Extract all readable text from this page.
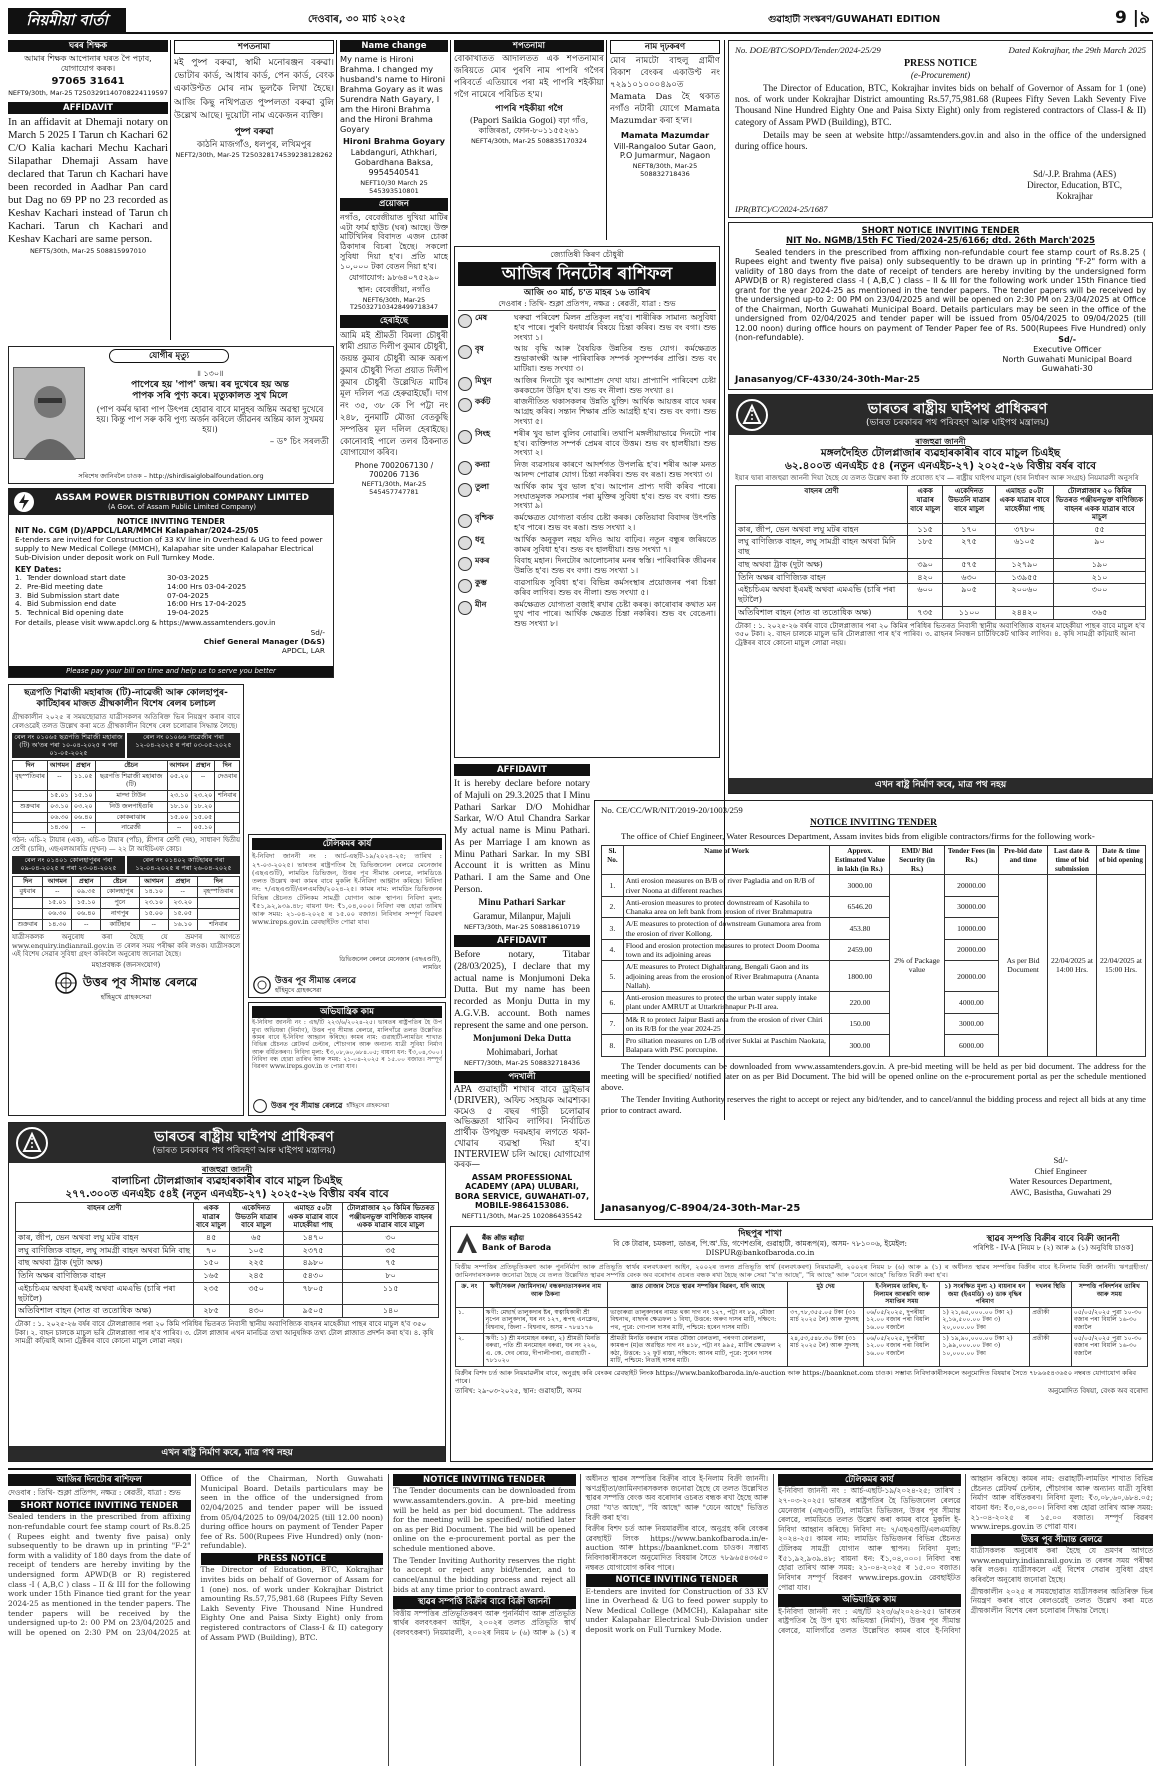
নিয়মীয়া বাৰ্তা	দেওবাৰ, ৩০ মাৰ্চ ২০২৫	গুৱাহাটী সংস্কৰণ/GUWAHATI EDITION	9 |৯
ঘৰৰ শিক্ষক

আমাৰ শিক্ষক আপোনাৰ ঘৰত পৈ পঢ়াব, যোগাযোগ কৰক।

97065 31641

NEFT9/30th, Mar-25 T250329t140708224119597

AFFIDAVIT

In an affidavit at Dhemaji notary on March 5 2025 I Tarun ch Kachari 62 C/O Kalia kachari Mechu Kachari Silapathar Dhemaji Assam have declared that Tarun ch Kachari have been recorded in Aadhar Pan card but Dag no 69 PP no 23 recorded as Keshav Kachari instead of Tarun ch Kachari. Tarun ch Kachari and Keshav Kachari are same person.

NEFT5/30th, Mar-25 508815997010

শপতনামা

মই পুষ্প বৰুৱা, স্বামী মনোৰঞ্জন বৰুৱা। ভোটাৰ কাৰ্ড, আধাৰ কাৰ্ড, পেন কাৰ্ড, বেংক একাউণ্টত মোৰ নাম ভুলকৈ লিখা হৈছে। আজি কিছু নথিপত্ৰত পুষ্পলতা বৰুৱা বুলি উল্লেখ আছে। দুয়োটা নাম একেজন ব্যক্তি।

পুষ্প বৰুৱা

কাঠনি মাজগাঁও, ধলপুৰ, লখিমপুৰ

NEFT2/30th, Mar-25 T250328174539238128262

Name change

My name is Hironi Brahma. I changed my husband's name to Hironi Brahma Goyary as it was Surendra Nath Gayary, I am the Hironi Brahma and the Hironi Brahma Goyary

Hironi Brahma Goyary

Labdanguri, Athkhari, Gobardhana Baksa, 9954540541

NEFT10/30 March 25 545393510801

প্ৰয়োজন

নগাঁও, বেবেজীয়াত দুখিয়া মাটিৰ এটা ফাৰ্ম হাউচ (ঘৰ) আছে। উক্ত মাটিখিনিৰ বিবাদত এজন চোকা ঠিকাদাৰ বিচৰা হৈছে। সকলো সুবিধা দিয়া হ'ব। প্ৰতি মাহে ১০,০০০ টকা বেতন দিয়া হ'ব।

যোগাযোগ: ৯৮৬৪০৭৫২৯০

স্থান: বেবেজীয়া, নগাঁও

NEFT6/30th, Mar-25 T250327103428499718347

হেৰাইছে

আমি মই শ্ৰীমতী বিমলা চৌধুৰী স্বামী প্ৰয়াত দিলীপ কুমাৰ চৌধুৰী, জয়ন্ত কুমাৰ চৌধুৰী আৰু অৰূপ কুমাৰ চৌধুৰী পিতা প্ৰয়াত দিলীপ কুমাৰ চৌধুৰী উল্লেখিত মাটিৰ মূল দলিল পত্ৰ হেৰুৱাইছোঁ। দাগ নং ৩৫, ৩৮ কে পি পট্টা নং ২৪৮, নুনমাটি মৌজা বেতকুছি সম্পত্তিৰ মূল দলিল হেৰাইছে। কোনোবাই পালে তলৰ ঠিকনাত যোগাযোগ কৰিব।

Phone 7002067130 / 700206 7136

NEFT1/30th, Mar-25 545457747781

শপতনামা

বোকাখাতত আদালতত এক শপতনামাৰ জৰিয়তে মোৰ পুৰণি নাম পাপৰি গগৈৰ পৰিবৰ্তে এতিয়াৰে পৰা মই পাপৰি শইকীয়া গগৈ নামেৰে পৰিচিত হ'ম।

পাপৰি শইকীয়া গগৈ

(Papori Saikia Gogoi) বঢ়া গাঁও, কাজিৰঙা, ফোন-৮০১১৫৫২৬১

NEFT4/30th, Mar-25 508835170324

নাম দৃঢ়কৰণ

মোৰ নামটো বাহুলু গ্ৰামীণ বিকাশ বেংকৰ একাউণ্ট নং ৭২৯১০১০০০৪৯০ত Mamata Das হৈ থকাত নগাঁও নটাৰী যোগে Mamata Mazumdar কৰা হ'ল।

Mamata Mazumdar

Vill-Rangaloo Sutar Gaon, P.O Jumarmur, Nagaon

NEFT8/30th, Mar-25 508832718436

জ্যোতিষী কিৰণ চৌধুৰী
আজিৰ দিনটোৰ ৰাশিফল
আজি ৩০ মাৰ্চ, চ'ত মাহৰ ১৬ তাৰিখ
দেওবাৰ : তিথি- শুক্লা প্ৰতিপদ, নক্ষত্ৰ : ৰেৱতী, যাত্ৰা : শুভ
মেষ	ঘৰুৱা পৰিবেশ মিলন প্ৰতিকূল নহ'ব। শাৰীৰিক সামান্য অসুবিধা হ'ব পাৰে। পুৰণি ধনধাৰ্যৰ বিষয়ে চিন্তা কৰিব। শুভ বং বগা। শুভ সংখ্যা ১।
বৃষ	আয় বৃদ্ধি আৰু বৈষয়িক উন্নতিৰ শুভ যোগ। কৰ্মক্ষেত্ৰত শুভাকাংক্ষী আৰু পাৰিবাৰিক সম্পৰ্ক সুসম্পৰ্কৰ প্ৰাপ্তি। শুভ বং মাটিয়া। শুভ সংখ্যা ৩।
মিথুন	আজিৰ দিনটো খুব আশাপ্ৰদ দেখা যায়। প্ৰাপ্যাপি পাৰিবেশ চেষ্টা কৰকচোন উদ্ভিদ হ'ব। শুভ বং নীলা। শুভ সংখ্যা ৪।
কৰ্কট	ৰাজনীতিত থকাসকলৰ উন্নতি যুক্তি। আৰ্থিক আয়ত্তৰ বাবে ঘৰৰ আগ্ৰহ কৰিব। সন্তান শিক্ষাৰ প্ৰতি আগ্ৰহী হ'ব। শুভ বং বগা। শুভ সংখ্যা ৫।
সিংহ	শৰীৰ খুব ভাল বুলিব নোৱাৰি। তথাপি মঙ্গলীয়াভাৱে দিনটো পাৰ হ'ব। ব্যক্তিগত সম্পৰ্ক প্ৰেমৰ বাবে উত্তম। শুভ বং হালধীয়া। শুভ সংখ্যা ২।
কন্যা	নিজ ব্যৱসায়ৰ কাৰণে আদৰ্শগত উপলব্ধি হ'ব। শৰীৰ আৰু মনত আনন্দ পোৱাৰ যোগ। চিন্তা নকৰিব। শুভ বং ৰঙা। শুভ সংখ্যা ৩।
তুলা	আৰ্থিক কাম খুব ভাল হ'ব। আপোন প্ৰাপ্য দাবী কৰিব পাৰে। সংঘাতমূলক সমস্যাৰ পৰা মুক্তিৰ সুবিধা হ'ব। শুভ বং বগা। শুভ সংখ্যা ৯।
বৃশ্চিক	কৰ্মক্ষেত্ৰত যোগ্যতা বৰ্তাব চেষ্টা কৰক। কেতিয়াবা বিবাদৰ উৎপত্তি হ'ব পাৰে। শুভ বং ৰঙা। শুভ সংখ্যা ২।
ধনু	আৰ্থিক অনুকূল নহয় যদিও আয় বাঢ়িব। নতুন বন্ধুৰ জৰিয়তে কামৰ সুবিধা হ'ব। শুভ বং হালধীয়া। শুভ সংখ্যা ৭।
মকৰ	বিবাহ মহান। দিনটোৰ আলোচনাৰ মনৰ স্বস্তি। পাৰিবাৰিক জীৱনৰ উন্নতি হ'ব। শুভ বং বগা। শুভ সংখ্যা ১।
কুম্ভ	ব্যৱসায়িক সুবিধা হ'ব। বিভিন্ন কৰ্মসংস্থাৰ প্ৰয়োজনৰ পৰা চিন্তা কৰিব লাগিব। শুভ বং নীলা। শুভ সংখ্যা ৫।
মীন	কৰ্মক্ষেত্ৰত যোগ্যতা বজাই ৰখাৰ চেষ্টা কৰক। কাৰোবাৰ কথাত মন দুখ পাব পাৰে। আৰ্থিক ক্ষেত্ৰত চিন্তা নকৰিব। শুভ বং বেঙেনা। শুভ সংখ্যা ৮।
AFFIDAVIT

It is hereby declare before notary of Majuli on 29.3.2025 that I Minu Pathari Sarkar D/O Mohidhar Sarkar, W/O Atul Chandra Sarkar My actual name is Minu Pathari. As per Marriage I am known as Minu Pathari Sarkar. In my SBI Account it is written as Minu Pathari. I am the Same and One Person.

Minu Pathari Sarkar

Garamur, Milanpur, Majuli

NEFT3/30th, Mar-25 508818610719

AFFIDAVIT

Before notary, Titabar (28/03/2025), I declare that my actual name is Monjumoni Deka Dutta. But my name has been recorded as Monju Dutta in my A.G.V.B. account. Both names represent the same and one person.

Monjumoni Deka Dutta

Mohimabari, Jorhat

NEFT7/30th, Mar-25 508832718436

পদখালী

APA গুৱাহাটী শাখাৰ বাবে ড্ৰাইভাৰ (DRIVER), অফিচ সহায়ক আৱশ্যক। কমেও ৫ বছৰ গাড়ী চলোৱাৰ অভিজ্ঞতা থাকিব লাগিব। নিৰ্বাচিত প্ৰাৰ্থীক উপযুক্ত দৰমহাৰ লগতে থকা-খোৱাৰ ব্যৱস্থা দিয়া হ'ব। INTERVIEW চলি আছে। যোগাযোগ কৰক—

ASSAM PROFESSIONAL ACADEMY (APA) ULUBARI, BORA SERVICE, GUWAHATI-07, MOBILE-9864153086.

NEFT11/30th, Mar-25 102086435542

No. DOE/BTC/SOPD/Tender/2024-25/29	Dated Kokrajhar, the 29th March 2025
PRESS NOTICE
(e-Procurement)

The Director of Education, BTC, Kokrajhar invites bids on behalf of Governor of Assam for 1 (one) nos. of work under Kokrajhar District amounting Rs.57,75,981.68 (Rupees Fifty Seven Lakh Seventy Five Thousand Nine Hundred Eighty One and Paisa Sixty Eight) only from registered contractors of Class-I & II) category of Assam PWD (Building), BTC.

Details may be seen at website http://assamtenders.gov.in and also in the office of the undersigned during office hours.

Sd/-J.P. Brahma (AES)
Director, Education, BTC,
Kokrajhar
IPR(BTC)/C/2024-25/1687
SHORT NOTICE INVITING TENDER
NIT No. NGMB/15th FC Tied/2024-25/6166; dtd. 26th March'2025

Sealed tenders in the prescribed from affixing non-refundable court fee stamp court of Rs.8.25 ( Rupees eight and twenty five paisa) only subsequently to be drawn up in printing "F-2" form with a validity of 180 days from the date of receipt of tenders are hereby inviting by the undersigned form APWD(B or R) registered class -I ( A,B,C ) class – II & III for the following work under 15th Finance tied grant for the year 2024-25 as mentioned in the tender papers. The tender papers will be received by the undersigned up-to 2: 00 PM on 23/04/2025 and will be opened on 2:30 PM on 23/04/2025 at Office of the Chairman, North Guwahati Municipal Board. Details particulars may be seen in the office of the undersigned from 02/04/2025 and tender paper will be issued from 05/04/2025 to 09/04/2025 (till 12.00 noon) during office hours on payment of Tender Paper fee of Rs. 500(Rupees Five Hundred) only (non-refundable).	Sd/-
Executive Officer
North Guwahati Municipal Board
Guwahati-30
Janasanyog/CF-4330/24-30th-Mar-25
ভাৰতৰ ৰাষ্ট্ৰীয় ঘাইপথ প্ৰাধিকৰণ
(ভাৰত চৰকাৰৰ পথ পৰিবহণ আৰু ঘাইপথ মন্ত্ৰালয়)
ৰাজহুৱা জাননী
মঙ্গলদৈহিত টোলপ্লাজাৰ ব্যৱহাৰকাৰীৰ বাবে মাচুল চিএইছ
৬২.৪০০ত এনএইচ ৫৪ (নতুন এনএইচ-২৭) ২০২৫-২৬ বিত্তীয় বৰ্ষৰ বাবে

ইয়াৰ দ্বাৰা ৰাজহুৱা জাননী দিয়া হৈছে যে তলত উল্লেখ কৰা ফি প্ৰযোজ্য হ'ব — ৰাষ্ট্ৰীয় ঘাইপথ মাচুল (হাৰ নিৰ্ধাৰণ আৰু সংগ্ৰহ) নিয়মাৱলী অনুসৰি

বাহনৰ শ্ৰেণী	একক যাত্ৰাৰ বাবে মাচুল	একেদিনত উভতনি যাত্ৰাৰ বাবে মাচুল	এমাহত ৫০টা একক যাত্ৰাৰ বাবে মাহেকীয়া পাছ	টোলপ্লাজাৰ ২০ কিমিৰ ভিতৰত পঞ্জীয়নভুক্ত বাণিজ্যিক বাহনৰ একক যাত্ৰাৰ বাবে মাচুল
কাৰ, জীপ, ভেন অথবা লঘু মটৰ বাহন	১১৫	১৭০	৩৭৮০	৫৫
লঘু বাণিজ্যিক বাহন, লঘু সামগ্ৰী বাহন অথবা মিনি বাছ	১৮৫	২৭৫	৬১০৫	৯০
বাছ অথবা ট্ৰাক (দুটা অক্ষ)	৩৯০	৫৭৫	১২৭৯০	১৯০
তিনি অক্ষৰ বাণিজ্যিক বাহন	৪২০	৬৩০	১৩৯৫৫	২১০
এইচচিএম অথবা ইএমই অথবা এমএভি (চাৰি পৰা ছটালৈ)	৬০০	৯০৫	২০০৬০	৩০০
অতিবিশাল বাহন (সাত বা ততোধিক অক্ষ)	৭৩৫	১১০০	২৪৪২০	৩৬৫

টোকা : ১. ২০২৫-২৬ বৰ্ষৰ বাবে টোলপ্লাজাৰ পৰা ২০ কিমিৰ পৰিধিৰ ভিতৰত নিবাসী স্থানীয় অবাণিজ্যিক বাহনৰ মাহেকীয়া পাছৰ বাবে মাচুল হ'ব ৩৫০ টকা। ২. বাহন চালকে মাচুল ভৰি টোলপ্লাজা পাৰ হ'ব পাৰিব। ৩. ৱাহনৰ নিবন্ধন চাৰ্টিফিকেট থাকিব লাগিব। ৪. কৃষি সামগ্ৰী কঢ়িয়াই আনা ট্ৰেক্টৰৰ বাবে কোনো মাচুল লোৱা নহয়।

এখন ৰাষ্ট্ৰ নিৰ্মাণ কৰে, মাত্ৰ পথ নহয়
যোগীৰ মৃত্যু
॥ ১৩০॥
পাপেৰে হয় 'পাপ' জন্ম। ৰৰ দুখেৰে হয় অন্ত
পাপক সৰি পুণ্য কৰে। মৃত্যুকালত সুখ মিলে
(পাপ কৰ্মৰ দ্বাৰা পাপ উৎপন্ন হোৱাৰ বাবে মানুহৰ অন্তিম অৱস্থা দুখেৰে হয়। কিন্তু পাপ সৰু কৰি পুণ্য অৰ্জন কৰিলে জীৱনৰ অন্তিম কাল সুখময় হয়।)
– ড° চিং সৰলতী
সৰিশেষ জানিবলৈ চাওক – http://shirdisaiglobalfoundation.org
ASSAM POWER DISTRIBUTION COMPANY LIMITED
(A Govt. of Assam Public Limited Company)
NOTICE INVITING TENDER
NIT No. CGM (D)/APDCL/LAR/MMCH Kalapahar/2024-25/05

E-tenders are invited for Construction of 33 KV line in Overhead & UG to feed power supply to New Medical College (MMCH), Kalapahar site under Kalapahar Electrical Sub-Division under deposit work on Full Turnkey Mode.

KEY Dates:
1. Tender download start date	30-03-2025
2. Pre-Bid meeting date	14:00 Hrs 03-04-2025
3. Bid Submission start date	07-04-2025
4. Bid Submission end date	16:00 Hrs 17-04-2025
5. Technical Bid opening date	19-04-2025

For details, please visit www.apdcl.org & https://www.assamtenders.gov.in

Sd/-
Chief General Manager (D&S)
APDCL, LAR
Please pay your bill on time and help us to serve you better
ছত্ৰপতি শিৱাজী মহাৰাজ (টি)-নাৱেজী আৰু কোলহাপুৰ-কাটিহাৰৰ মাজত গ্ৰীষ্মকালীন বিশেষ ৰেলৰ চলাচল

গ্ৰীষ্মকালীন ২০২৫ ৰ সময়ছোৱাত যাত্ৰীসকলৰ অতিৰিক্ত ভিৰ নিয়ন্ত্ৰণ কৰাৰ বাবে ৰেলওৱেই তলত উল্লেখ কৰা মতে গ্ৰীষ্মকালীন বিশেষ ৰেল চলোৱাৰ সিদ্ধান্ত লৈছে।

ৰেল নং ০১০৬৫ ছত্ৰপতি শিৱাজী মহাৰাজ (টি) অ'তৰ পৰা ১০-০৪-২০২৫ ৰ পৰা ০১-০৫-২০২৫
ৰেল নং ০১০৬৬ নাৱেজীৰ পৰা ১২-০৪-২০২৫ ৰ পৰা ০৩-০৫-২০২৫
দিন	আগমন	প্ৰস্থান	ষ্টেচন	আগমন	প্ৰস্থান	দিন
বৃহস্পতিবাৰ	--	১১.০৫	ছত্ৰপতি শিৱাজী মহাৰাজ (টি)	০৫.২০	--	দেওবাৰ
	১৫.০১	১৫.১০	মাল্দা টাউন	২৩.১০	২৩.২০	শনিবাৰ
শুক্ৰবাৰ	০৩.১০	০৩.২০	নিউ জলপাইগুৰি	১৮.১০	১৮.২০	
	০৬.৩০	০৬.৪০	কোকৰাঝাৰ	১৫.০০	১৫.০৫	
	১৪.৩০	--	নাৱেজী	--	০৫.১০	

গঠন: এচি-২ টায়াৰ (এক), এচি-৩ টায়াৰ (পাঁচ), শ্লীপাৰ শ্ৰেণী (দহ), সাধাৰণ দ্বিতীয় শ্ৰেণী (চাৰি), এছএলআৰডি (দুখন) — ২২ টা আইচিএফ কোচ।

ৰেল নং ০১৪০১ কোলহাপুৰৰ পৰা ০৯-০৪-২০২৫ ৰ পৰা ২৩-০৪-২০২৫
ৰেল নং ০১৪০২ কাটিহাৰৰ পৰা ১২-০৪-২০২৫ ৰ পৰা ২৬-০৪-২০২৫
দিন	আগমন	প্ৰস্থান	ষ্টেচন	আগমন	প্ৰস্থান	দিন
বুধবাৰ	--	০৯.৩৫	কোলহাপুৰ	১৪.১০	--	বৃহস্পতিবাৰ
	১৫.০১	১৫.১০	পুনে	২৩.১০	২৩.২০	
	০৬.৩০	০৬.৪০	নাগপুৰ	১৫.০০	১৫.০৫	
শুক্ৰবাৰ	১৪.৩০	--	কাটিহাৰ	--	১৬.১০	শনিবাৰ

যাত্ৰীসকলক অনুৰোধ কৰা হৈছে যে ভ্ৰমণৰ আগতে www.enquiry.indianrail.gov.in ত ৰেলৰ সময় পৰীক্ষা কৰি লওক। যাত্ৰীসকলে এই বিশেষ সেৱাৰ সুবিধা গ্ৰহণ কৰিবলৈ অনুৰোধ জনোৱা হৈছে।

মহাপ্ৰবন্ধক (জনসংযোগ)
উত্তৰ পূব সীমান্ত ৰেলৱে
হাঁহিমুখে গ্ৰাহকসেৱা
টেলিকমৰ কাৰ্য

ই-নিবিদা জাননী নং : আৰ্চ-এছটি-১৯/২০২৪-২৫; তাৰিখ : ২৭-০৩-২০২৫। ভাৰতৰ ৰাষ্ট্ৰপতিৰ হৈ ডিভিজনেল ৰেলৱে মেনেজাৰ (এছএণ্ডটি), লামডিং ডিভিজন, উত্তৰ পূব সীমান্ত ৰেলৱে, লামডিঙে তলত উল্লেখ কৰা কামৰ বাবে মুকলি ই-নিবিদা আহ্বান কৰিছে। নিবিদা নং: ৭/এছএণ্ডটি/এলএমজি/২০২৪-২৫। কামৰ নাম: লামডিং ডিভিজনৰ বিভিন্ন ষ্টেচনত টেলিকম সামগ্ৰী যোগান আৰু স্থাপন। নিবিদা মূল্য: ₹৫১,৯২,৯৩৯.৪৮; বায়না ধন: ₹১,০৪,০০০। নিবিদা বন্ধ হোৱা তাৰিখ আৰু সময়: ২১-০৪-২০২৫ ৰ ১৫.০০ বজাত। নিবিদাৰ সম্পূৰ্ণ বিৱৰণ www.ireps.gov.in ৱেবছাইটত পোৱা যাব।

উত্তৰ পূব সীমান্ত ৰেলৱে
হাঁহিমুখে গ্ৰাহকসেৱা
ডিভিজনেল ৰেলৱে মেনেজাৰ (এছএণ্ডটি), লামডিং
অভিযান্ত্ৰিক কাম

ই-নিবিদা জাননী নং : এছ/টি ২২৩/৬/২০২৪-২৫। ভাৰতৰ ৰাষ্ট্ৰপতিৰ হৈ উপ মুখ্য অভিযন্তা (নিৰ্মাণ), উত্তৰ পূব সীমান্ত ৰেলৱে, মালিগাঁৱে তলত উল্লেখিত কামৰ বাবে ই-নিবিদা আহ্বান কৰিছে। কামৰ নাম: গুৱাহাটী-লামডিং শাখাত বিভিন্ন ষ্টেচনত প্লেটফৰ্ম চেল্টাৰ, শৌচাগাৰ আৰু অন্যান্য যাত্ৰী সুবিধা নিৰ্মাণ আৰু বৰ্ধিতকৰণ। নিবিদা মূল্য: ₹৩,০৮,৬০,৬৮৪.০৫; বায়না ধন: ₹৩,০৪,৩০০। নিবিদা বন্ধ হোৱা তাৰিখ আৰু সময়: ২১-০৪-২০২৫ ৰ ১৫.০০ বজাত। সম্পূৰ্ণ বিৱৰণ www.ireps.gov.in ত পোৱা যাব।

উত্তৰ পূব সীমান্ত ৰেলৱে হাঁহিমুখে গ্ৰাহকসেৱা
No. CE/CC/WR/NIT/2019-20/1003/259
NOTICE INVITING TENDER

The office of Chief Engineer, Water Resources Department, Assam invites bids from eligible contractors/firms for the following work-

Sl. No.	Name of Work	Approx. Estimated Value in lakh (in Rs.)	EMD/ Bid Security (in Rs.)	Tender Fees (in Rs.)	Pre-bid date and time	Last date & time of bid submission	Date & time of bid opening
1.	Anti erosion measures on B/B of river Pagladia and on R/B of river Noona at different reaches	3000.00	2% of Package value	20000.00	As per Bid Document	22/04/2025 at 14:00 Hrs.	22/04/2025 at 15:00 Hrs.
2.	Anti-erosion measures to protect downstream of Kasohila to Chanaka area on left bank from erosion of river Brahmaputra	6546.20		30000.00			
3.	A/E measures to protection of downstream Gunamora area from the erosion of river Kollong.	453.80		10000.00			
4.	Flood and erosion protection measures to protect Doom Dooma town and its adjoining areas	2459.00		20000.00			
5.	A/E measures to Protect Dighaltarang, Bengali Gaon and its adjoining areas from the erosion of River Brahmaputra (Ananta Nallah).	1800.00		20000.00			
6.	Anti-erosion measures to protect the urban water supply intake plant under AMRUT at Uttarkrishnapur Pt-II area.	220.00		4000.00			
7.	M& R to protect Jaipur Basti area from the erosion of river Chiri on its R/B for the year 2024-25	150.00		3000.00			
8.	Pro siltation measures on L/B of river Suklai at Paschim Naokata, Balapara with PSC porcupine.	300.00		6000.00			

The Tender documents can be downloaded from www.assamtenders.gov.in. A pre-bid meeting will be held as per bid document. The address for the meeting will be specified/ notified later on as per Bid Document. The bid will be opened online on the e-procurement portal as per the schedule mentioned above.

The Tender Inviting Authority reserves the right to accept or reject any bid/tender, and to cancel/annul the bidding process and reject all bids at any time prior to contract award.

Sd/-
Chief Engineer
Water Resources Department,
AWC, Basistha, Guwahati 29
Janasanyog/C-8904/24-30th-Mar-25
ভাৰতৰ ৰাষ্ট্ৰীয় ঘাইপথ প্ৰাধিকৰণ
(ভাৰত চৰকাৰৰ পথ পৰিবহণ আৰু ঘাইপথ মন্ত্ৰালয়)
ৰাজহুৱা জাননী
বালাচিনা টোলপ্লাজাৰ ব্যৱহাৰকাৰীৰ বাবে মাচুল চিএইছ
২৭৭.৩০০ত এনএইচ ৫৪ই (নতুন এনএইচ-২৭) ২০২৫-২৬ বিত্তীয় বৰ্ষৰ বাবে
বাহনৰ শ্ৰেণী	একক যাত্ৰাৰ বাবে মাচুল	একেদিনত উভতনি যাত্ৰাৰ বাবে মাচুল	এমাহত ৫০টা একক যাত্ৰাৰ বাবে মাহেকীয়া পাছ	টোলপ্লাজাৰ ২০ কিমিৰ ভিতৰত পঞ্জীয়নভুক্ত বাণিজ্যিক বাহনৰ একক যাত্ৰাৰ বাবে মাচুল
কাৰ, জীপ, ভেন অথবা লঘু মটৰ বাহন	৪৫	৬৫	১৪৭০	৩০
লঘু বাণিজ্যিক বাহন, লঘু সামগ্ৰী বাহন অথবা মিনি বাছ	৭০	১০৫	২৩৭৫	৩৫
বাছ অথবা ট্ৰাক (দুটা অক্ষ)	১৫০	২২৫	৪৯৮০	৭৫
তিনি অক্ষৰ বাণিজ্যিক বাহন	১৬৫	২৪৫	৫৪৩০	৮০
এইচচিএম অথবা ইএমই অথবা এমএভি (চাৰি পৰা ছটালৈ)	২৩৫	৩৫০	৭৮০৫	১১৫
অতিবিশাল বাহন (সাত বা ততোধিক অক্ষ)	২৮৫	৪৩০	৯৫০৫	১৪০

টোকা : ১. ২০২৫-২৬ বৰ্ষৰ বাবে টোলপ্লাজাৰ পৰা ২০ কিমি পৰিধিৰ ভিতৰত নিবাসী স্থানীয় অবাণিজ্যিক বাহনৰ মাহেকীয়া পাছৰ বাবে মাচুল হ'ব ৩৫০ টকা। ২. বাহন চালকে মাচুল ভৰি টোলপ্লাজা পাৰ হ'ব পাৰিব। ৩. টোল প্লাজাৰ এখন মানচিত্ৰ তথা আনুষঙ্গিক তথ্য টোল প্লাজাত প্ৰদৰ্শন কৰা হ'ব। ৪. কৃষি সামগ্ৰী কঢ়িয়াই আনা ট্ৰেক্টৰৰ বাবে কোনো মাচুল লোৱা নহয়।

এখন ৰাষ্ট্ৰ নিৰ্মাণ কৰে, মাত্ৰ পথ নহয়
बैंक ऑफ़ बड़ौदा
Bank of Baroda
দিছপুৰ শাখা
বি কে টাৱাৰ, চমকলা, ডাঙৰ, পি.অ'.ডি, গণেশগুৰি, গুৱাহাটী, কামৰূপ(ম), অসম- ৭৮১০০৬, ইমেইল: DISPUR@bankofbaroda.co.in
স্থাৱৰ সম্পত্তি বিক্ৰীৰ বাবে বিক্ৰী জাননী
পৰিশিষ্ট - IV-A [নিয়ম ৮ (২) আৰু ৯ (১) অনুবিধি চাওক]

বিত্তীয় সম্পত্তিৰ প্ৰতিভূতিকৰণ আৰু পুনৰ্নিৰ্মাণ আৰু প্ৰতিভূতি স্বাৰ্থৰ বলবৎকৰণ আইন, ২০০২ৰ তলত প্ৰতিভূতি স্বাৰ্থ (বলবৎকৰণ) নিয়মাৱলী, ২০০২ৰ নিয়ম ৮ (৬) আৰু ৯ (১) ৰ অধীনত স্থাৱৰ সম্পত্তিৰ বিক্ৰীৰ বাবে ই-নিলাম বিক্ৰী জাননী। ঋণগ্ৰহীতা/জামিনদাৰসকলক জনোৱা হৈছে যে তলত উল্লেখিত স্থাৱৰ সম্পত্তি বেংক অব বৰোদাৰ ওচৰত বন্ধক ৰখা হৈছে আৰু সেয়া "য'ত আছে", "যি আছে" আৰু "যেনে আছে" ভিত্তিত বিক্ৰী কৰা হ'ব।

ক্ৰ. নং	ঋণী/সকল /জামিনদাৰ/ বন্ধকদাতাসকলৰ নাম আৰু ঠিকনা	জ্ঞাত বোজাৰ সৈতে স্থাৱৰ সম্পত্তিৰ বিৱৰণ, যদি আছে	মুঠ দেয়	ই-নিলামৰ তাৰিখ, ই-নিলামৰ আৰম্ভণি আৰু সমাপ্তিৰ সময়	১) সংৰক্ষিত মূল্য ২) বায়নাৰ ধন জমা (ইএমডি) ৩) ডাক বৃদ্ধিৰ পৰিমাণ	দখলৰ স্থিতি	সম্পত্তি পৰিদৰ্শনৰ তাৰিখ আৰু সময়
১.	ঋণী: মেছাৰ্ছ তালুকদাৰ ষ্টৰ, স্বত্বাধিকাৰী শ্ৰী নৃপেন তালুকদাৰ, ঘৰ নং ১২৭, ৰূপহ এনক্লেভ, বিশ্বনাথ, জিলা - বিশ্বনাথ, অসম - ৭৮৪১৭৬	ভাড়াৰুৱা তালুকদাৰৰ নামত থকা দাগ নং ১২৭, পট্টা নং ৮৯, মৌজা বিশ্বনাথ, বাছদৰ ক্ষেত্ৰফল ১ বিঘা, উত্তৰে: অৰুণ দাসৰ মাটি, দক্ষিণে: পথ, পূৱে: গোপাল দাসৰ মাটি, পশ্চিমে: হৰেন দাসৰ মাটি।	৩৭,৭৮,৩৫৫.০৫ টকা (৩১ মাৰ্চ ২০২৫ লৈ) আৰু সুদসহ	০৬/০৫/২০২৫, দুপৰীয়া ১২.০০ বজাৰ পৰা বিয়লি ১৬.০০ বজালৈ	১) ২১,৬৫,০০০.০০ টকা ২) ২,১৬,৫০০.০০ টকা ৩) ২০,০০০.০০ টকা	প্ৰতীকী	০৫/০৫/২০২৫ পুৱা ১০-৩০ বজাৰ পৰা বিয়লি ১৬-৩০ বজালৈ
২.	ঋণী: ১) শ্ৰী মনমোহন বৰুৱা, ২) শ্ৰীমতী মিনতি বৰুৱা, পতি শ্ৰী মনমোহন বৰুৱা, ঘৰ নং ২২৬, এ. কে. দেব ৰোড, দীপালীপাৰা, গুৱাহাটী - ৭৮১০২০	শ্ৰীমতী মিনতি বৰুৱাৰ নামত মৌজা বেলতলা, পৰগণা বেলতলা, কামৰূপ (ম)ত অৱস্থিত দাগ নং ৪১৮, পট্টা নং ৯৯৫, মাটিৰ ক্ষেত্ৰফল ২ কঠা, উত্তৰে: ১২ ফুট ৰাস্তা, দক্ষিণে: আনৰ মাটি, পূৱে: সুৰেন দাসৰ মাটি, পশ্চিমে: নিতাই দাসৰ মাটি।	২৪,৫৩,৫৪৮.৩০ টকা (৩১ মাৰ্চ ২০২৫ লৈ) আৰু সুদসহ	০৬/০৫/২০২৫, দুপৰীয়া ১২.০০ বজাৰ পৰা বিয়লি ১৬.০০ বজালৈ	১) ১৯,৯০,০০০.০০ টকা ২) ১,৯৯,০০০.০০ টকা ৩) ১০,০০০.০০ টকা	প্ৰতীকী	০৫/০৫/২০২৫ পুৱা ১০-৩০ বজাৰ পৰা বিয়লি ১৬-৩০ বজালৈ

বিক্ৰীৰ বিশদ চৰ্ত আৰু নিয়মাৱলীৰ বাবে, অনুগ্ৰহ কৰি বেংকৰ ৱেবছাইট লিংক https://www.bankofbaroda.in/e-auction আৰু https://baanknet.com চাওক। সম্ভাব্য নিবিদাকাৰীসকলে অনুমোদিত বিষয়াৰ সৈতে ৭৮৯৬৫৪৩৬৫০ নম্বৰত যোগাযোগ কৰিব পাৰে।

তাৰিখ: ২৯-০৩-২০২৫, স্থান: গুৱাহাটী, অসম	অনুমোদিত বিষয়া, বেংক অব বৰোদা
আজিৰ দিনটোৰ ৰাশিফল

দেওবাৰ : তিথি- শুক্লা প্ৰতিপদ, নক্ষত্ৰ : ৰেৱতী, যাত্ৰা : শুভ

SHORT NOTICE INVITING TENDER

Sealed tenders in the prescribed from affixing non-refundable court fee stamp court of Rs.8.25 ( Rupees eight and twenty five paisa) only subsequently to be drawn up in printing "F-2" form with a validity of 180 days from the date of receipt of tenders are hereby inviting by the undersigned form APWD(B or R) registered class -I ( A,B,C ) class – II & III for the following work under 15th Finance tied grant for the year 2024-25 as mentioned in the tender papers. The tender papers will be received by the undersigned up-to 2: 00 PM on 23/04/2025 and will be opened on 2:30 PM on 23/04/2025 at Office of the Chairman, North Guwahati Municipal Board. Details particulars may be seen in the office of the undersigned from 02/04/2025 and tender paper will be issued from 05/04/2025 to 09/04/2025 (till 12.00 noon) during office hours on payment of Tender Paper fee of Rs. 500(Rupees Five Hundred) only (non-refundable).

PRESS NOTICE

The Director of Education, BTC, Kokrajhar invites bids on behalf of Governor of Assam for 1 (one) nos. of work under Kokrajhar District amounting Rs.57,75,981.68 (Rupees Fifty Seven Lakh Seventy Five Thousand Nine Hundred Eighty One and Paisa Sixty Eight) only from registered contractors of Class-I & II) category of Assam PWD (Building), BTC.

NOTICE INVITING TENDER

The Tender documents can be downloaded from www.assamtenders.gov.in. A pre-bid meeting will be held as per bid document. The address for the meeting will be specified/ notified later on as per Bid Document. The bid will be opened online on the e-procurement portal as per the schedule mentioned above.

The Tender Inviting Authority reserves the right to accept or reject any bid/tender, and to cancel/annul the bidding process and reject all bids at any time prior to contract award.

স্থাৱৰ সম্পত্তি বিক্ৰীৰ বাবে বিক্ৰী জাননী

বিত্তীয় সম্পত্তিৰ প্ৰতিভূতিকৰণ আৰু পুনৰ্নিৰ্মাণ আৰু প্ৰতিভূতি স্বাৰ্থৰ বলবৎকৰণ আইন, ২০০২ৰ তলত প্ৰতিভূতি স্বাৰ্থ (বলবৎকৰণ) নিয়মাৱলী, ২০০২ৰ নিয়ম ৮ (৬) আৰু ৯ (১) ৰ অধীনত স্থাৱৰ সম্পত্তিৰ বিক্ৰীৰ বাবে ই-নিলাম বিক্ৰী জাননী। ঋণগ্ৰহীতা/জামিনদাৰসকলক জনোৱা হৈছে যে তলত উল্লেখিত স্থাৱৰ সম্পত্তি বেংক অব বৰোদাৰ ওচৰত বন্ধক ৰখা হৈছে আৰু সেয়া "য'ত আছে", "যি আছে" আৰু "যেনে আছে" ভিত্তিত বিক্ৰী কৰা হ'ব।

বিক্ৰীৰ বিশদ চৰ্ত আৰু নিয়মাৱলীৰ বাবে, অনুগ্ৰহ কৰি বেংকৰ ৱেবছাইট লিংক https://www.bankofbaroda.in/e-auction আৰু https://baanknet.com চাওক। সম্ভাব্য নিবিদাকাৰীসকলে অনুমোদিত বিষয়াৰ সৈতে ৭৮৯৬৫৪৩৬৫০ নম্বৰত যোগাযোগ কৰিব পাৰে।

NOTICE INVITING TENDER

E-tenders are invited for Construction of 33 KV line in Overhead & UG to feed power supply to New Medical College (MMCH), Kalapahar site under Kalapahar Electrical Sub-Division under deposit work on Full Turnkey Mode.

টেলিকমৰ কাৰ্য

ই-নিবিদা জাননী নং : আৰ্চ-এছটি-১৯/২০২৪-২৫; তাৰিখ : ২৭-০৩-২০২৫। ভাৰতৰ ৰাষ্ট্ৰপতিৰ হৈ ডিভিজনেল ৰেলৱে মেনেজাৰ (এছএণ্ডটি), লামডিং ডিভিজন, উত্তৰ পূব সীমান্ত ৰেলৱে, লামডিঙে তলত উল্লেখ কৰা কামৰ বাবে মুকলি ই-নিবিদা আহ্বান কৰিছে। নিবিদা নং: ৭/এছএণ্ডটি/এলএমজি/২০২৪-২৫। কামৰ নাম: লামডিং ডিভিজনৰ বিভিন্ন ষ্টেচনত টেলিকম সামগ্ৰী যোগান আৰু স্থাপন। নিবিদা মূল্য: ₹৫১,৯২,৯৩৯.৪৮; বায়না ধন: ₹১,০৪,০০০। নিবিদা বন্ধ হোৱা তাৰিখ আৰু সময়: ২১-০৪-২০২৫ ৰ ১৫.০০ বজাত। নিবিদাৰ সম্পূৰ্ণ বিৱৰণ www.ireps.gov.in ৱেবছাইটত পোৱা যাব।

অভিযান্ত্ৰিক কাম

ই-নিবিদা জাননী নং : এছ/টি ২২৩/৬/২০২৪-২৫। ভাৰতৰ ৰাষ্ট্ৰপতিৰ হৈ উপ মুখ্য অভিযন্তা (নিৰ্মাণ), উত্তৰ পূব সীমান্ত ৰেলৱে, মালিগাঁৱে তলত উল্লেখিত কামৰ বাবে ই-নিবিদা আহ্বান কৰিছে। কামৰ নাম: গুৱাহাটী-লামডিং শাখাত বিভিন্ন ষ্টেচনত প্লেটফৰ্ম চেল্টাৰ, শৌচাগাৰ আৰু অন্যান্য যাত্ৰী সুবিধা নিৰ্মাণ আৰু বৰ্ধিতকৰণ। নিবিদা মূল্য: ₹৩,০৮,৬০,৬৮৪.০৫; বায়না ধন: ₹৩,০৪,৩০০। নিবিদা বন্ধ হোৱা তাৰিখ আৰু সময়: ২১-০৪-২০২৫ ৰ ১৫.০০ বজাত। সম্পূৰ্ণ বিৱৰণ www.ireps.gov.in ত পোৱা যাব।

উত্তৰ পূব সীমান্ত ৰেলৱে

যাত্ৰীসকলক অনুৰোধ কৰা হৈছে যে ভ্ৰমণৰ আগতে www.enquiry.indianrail.gov.in ত ৰেলৰ সময় পৰীক্ষা কৰি লওক। যাত্ৰীসকলে এই বিশেষ সেৱাৰ সুবিধা গ্ৰহণ কৰিবলৈ অনুৰোধ জনোৱা হৈছে।

গ্ৰীষ্মকালীন ২০২৫ ৰ সময়ছোৱাত যাত্ৰীসকলৰ অতিৰিক্ত ভিৰ নিয়ন্ত্ৰণ কৰাৰ বাবে ৰেলওৱেই তলত উল্লেখ কৰা মতে গ্ৰীষ্মকালীন বিশেষ ৰেল চলোৱাৰ সিদ্ধান্ত লৈছে।
